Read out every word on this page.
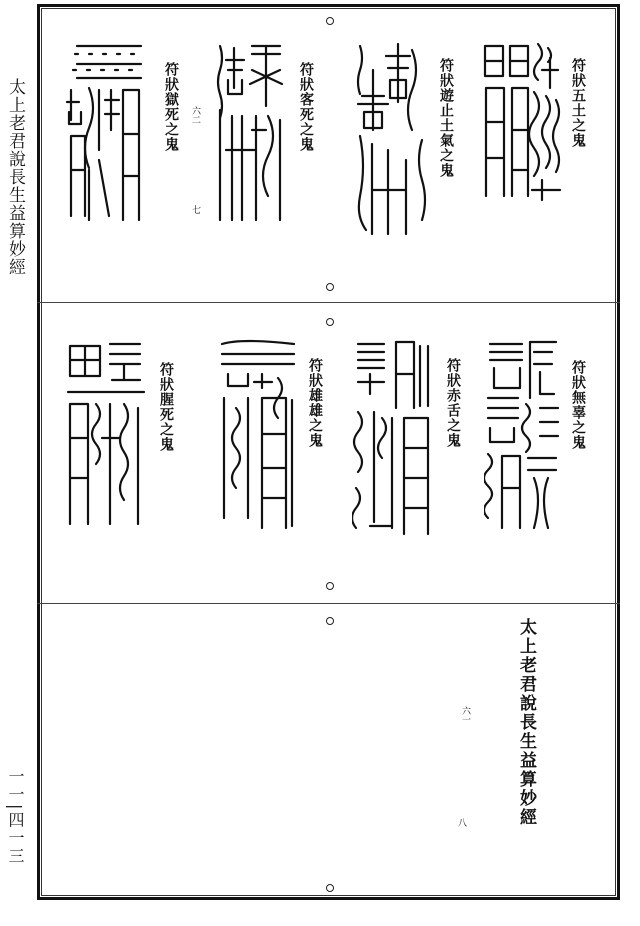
太上老君說長生益算妙經
一一|四一三
符狀五土之鬼
符狀遊止土氣之鬼
符狀客死之鬼
符狀獄死之鬼 六二
七
符狀無辜之鬼
符狀赤舌之鬼
符狀雄雄之鬼
符狀腥死之鬼
太上老君說長生益算妙經
六一
八
